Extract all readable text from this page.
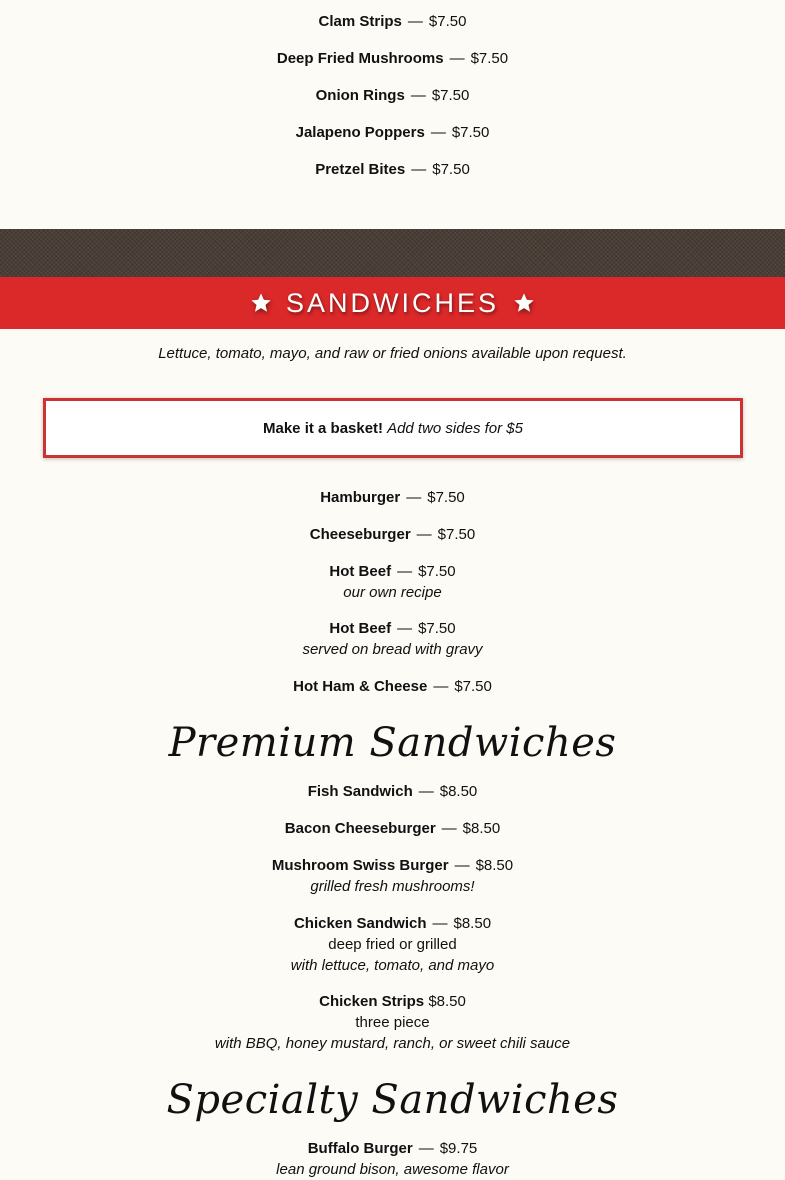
Clam Strips — $7.50
Deep Fried Mushrooms — $7.50
Onion Rings — $7.50
Jalapeno Poppers — $7.50
Pretzel Bites — $7.50
SANDWICHES
Lettuce, tomato, mayo, and raw or fried onions available upon request.
Make it a basket! Add two sides for $5
Hamburger — $7.50
Cheeseburger — $7.50
Hot Beef — $7.50
our own recipe
Hot Beef — $7.50
served on bread with gravy
Hot Ham & Cheese — $7.50
Premium Sandwiches
Fish Sandwich — $8.50
Bacon Cheeseburger — $8.50
Mushroom Swiss Burger — $8.50
grilled fresh mushrooms!
Chicken Sandwich — $8.50
deep fried or grilled
with lettuce, tomato, and mayo
Chicken Strips $8.50
three piece
with BBQ, honey mustard, ranch, or sweet chili sauce
Specialty Sandwiches
Buffalo Burger — $9.75
lean ground bison, awesome flavor
